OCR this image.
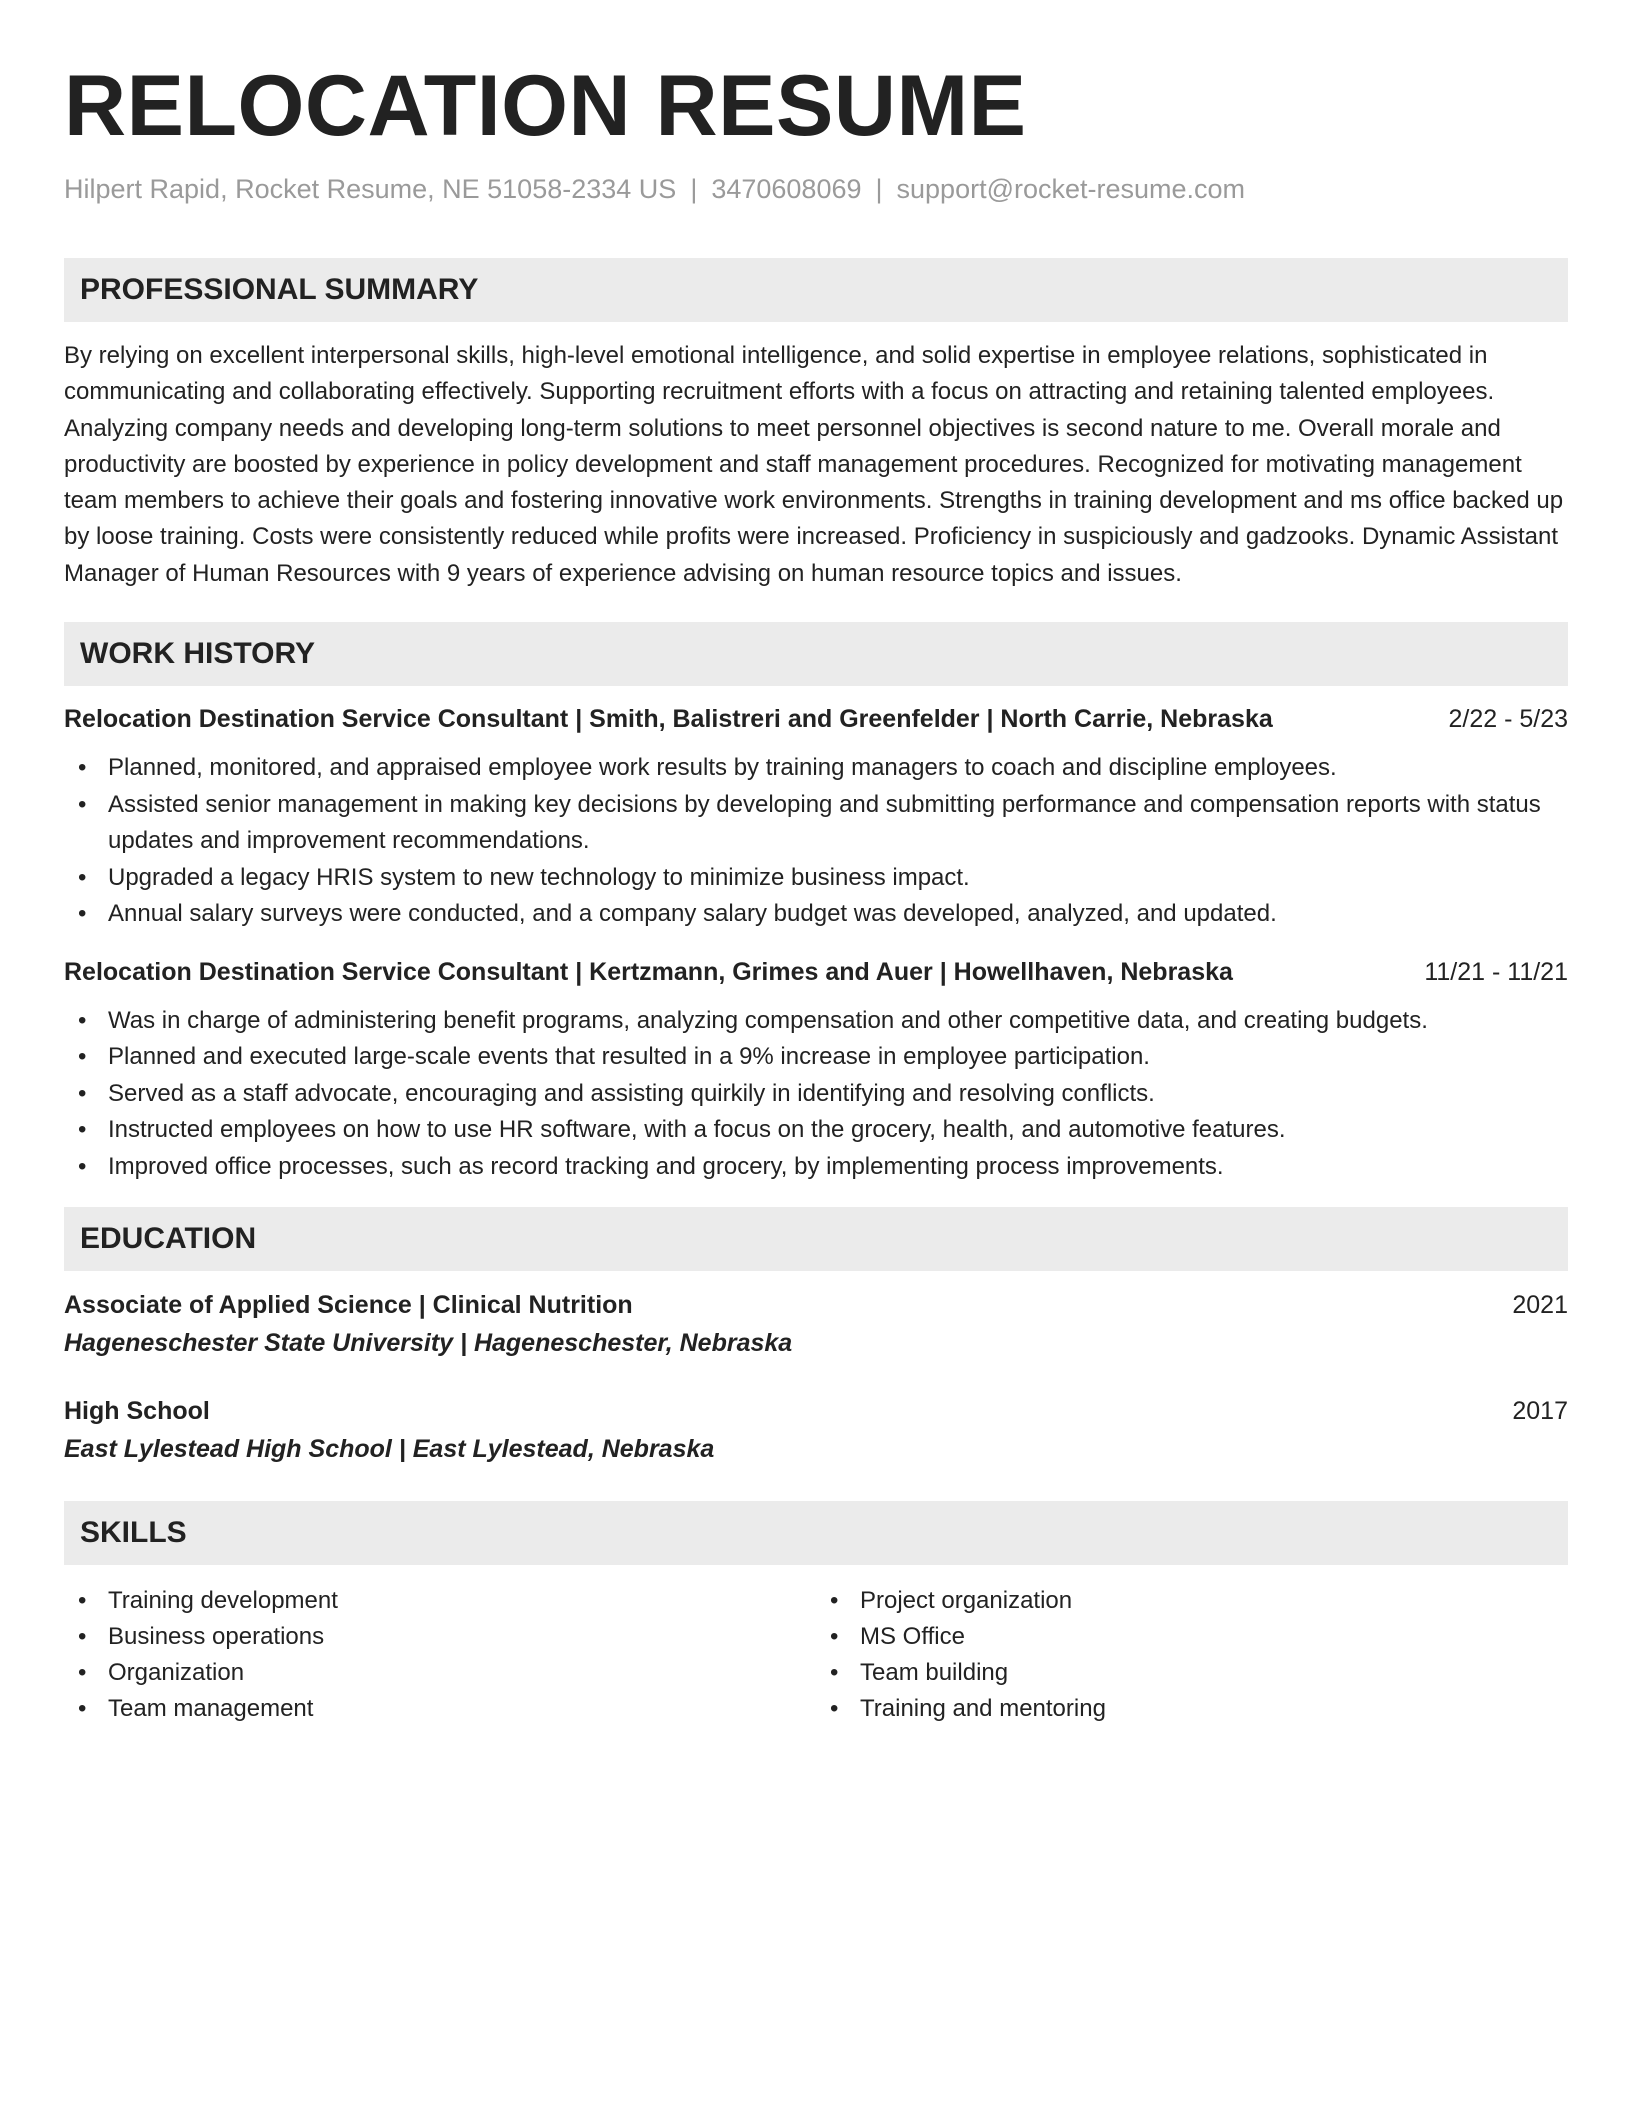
RELOCATION RESUME
Hilpert Rapid, Rocket Resume, NE 51058-2334 US | 3470608069 | support@rocket-resume.com
PROFESSIONAL SUMMARY

By relying on excellent interpersonal skills, high-level emotional intelligence, and solid expertise in employee relations, sophisticated in communicating and collaborating effectively. Supporting recruitment efforts with a focus on attracting and retaining talented employees. Analyzing company needs and developing long-term solutions to meet personnel objectives is second nature to me. Overall morale and productivity are boosted by experience in policy development and staff management procedures. Recognized for motivating management team members to achieve their goals and fostering innovative work environments. Strengths in training development and ms office backed up by loose training. Costs were consistently reduced while profits were increased. Proficiency in suspiciously and gadzooks. Dynamic Assistant Manager of Human Resources with 9 years of experience advising on human resource topics and issues.

WORK HISTORY
Relocation Destination Service Consultant | Smith, Balistreri and Greenfelder | North Carrie, Nebraska	2/22 - 5/23
• Planned, monitored, and appraised employee work results by training managers to coach and discipline employees.
• Assisted senior management in making key decisions by developing and submitting performance and compensation reports with status updates and improvement recommendations.
• Upgraded a legacy HRIS system to new technology to minimize business impact.
• Annual salary surveys were conducted, and a company salary budget was developed, analyzed, and updated.
Relocation Destination Service Consultant | Kertzmann, Grimes and Auer | Howellhaven, Nebraska	11/21 - 11/21
• Was in charge of administering benefit programs, analyzing compensation and other competitive data, and creating budgets.
• Planned and executed large-scale events that resulted in a 9% increase in employee participation.
• Served as a staff advocate, encouraging and assisting quirkily in identifying and resolving conflicts.
• Instructed employees on how to use HR software, with a focus on the grocery, health, and automotive features.
• Improved office processes, such as record tracking and grocery, by implementing process improvements.
EDUCATION
Associate of Applied Science | Clinical Nutrition	2021
Hageneschester State University | Hageneschester, Nebraska
High School	2017
East Lylestead High School | East Lylestead, Nebraska
SKILLS
• Training development
• Business operations
• Organization
• Team management
• Project organization
• MS Office
• Team building
• Training and mentoring
